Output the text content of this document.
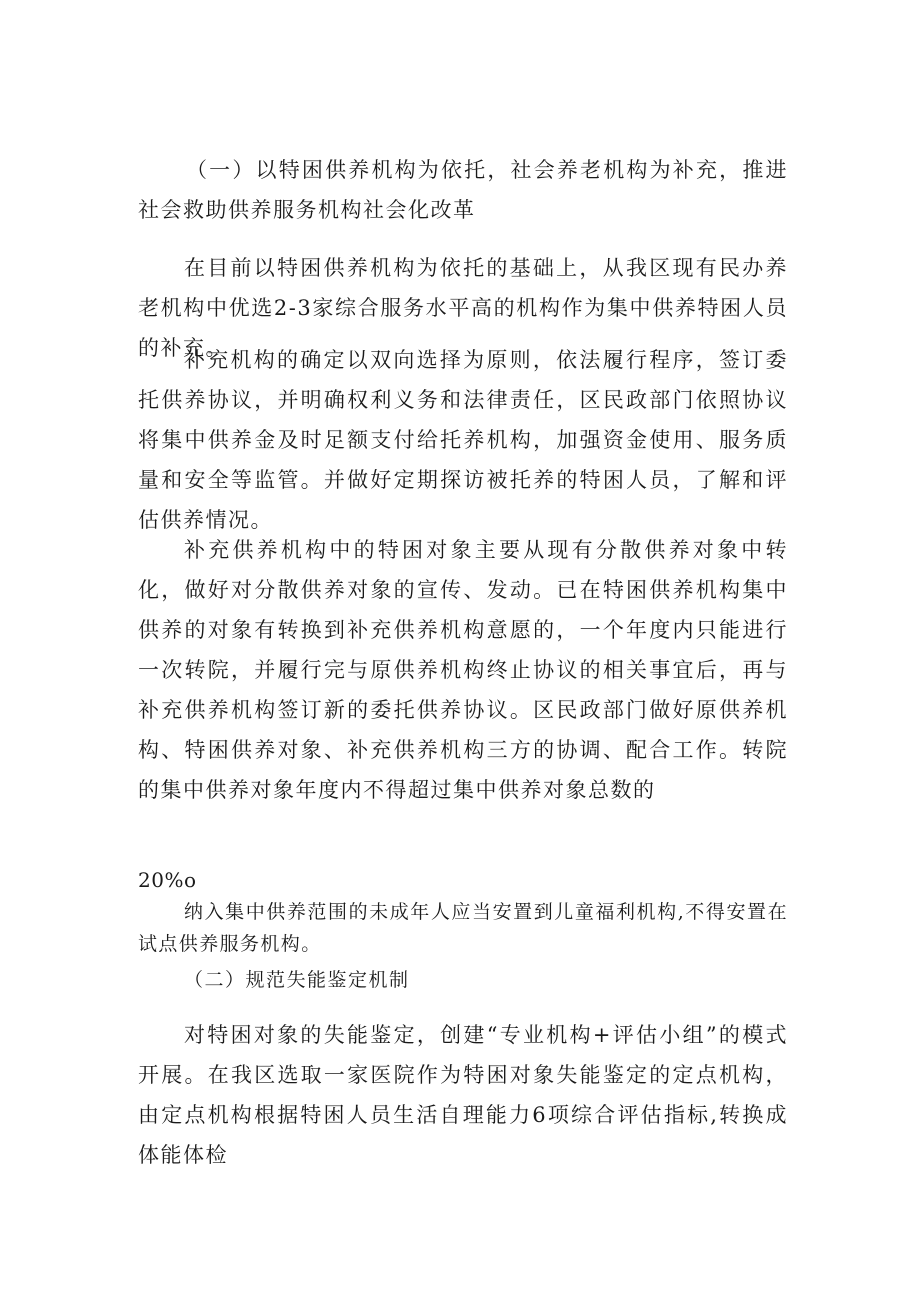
（一）以特困供养机构为依托，社会养老机构为补充，推进社会救助供养服务机构社会化改革

在目前以特困供养机构为依托的基础上，从我区现有民办养老机构中优选2-3家综合服务水平高的机构作为集中供养特困人员的补充。

补充机构的确定以双向选择为原则，依法履行程序，签订委托供养协议，并明确权利义务和法律责任，区民政部门依照协议将集中供养金及时足额支付给托养机构，加强资金使用、服务质量和安全等监管。并做好定期探访被托养的特困人员，了解和评估供养情况。

补充供养机构中的特困对象主要从现有分散供养对象中转化，做好对分散供养对象的宣传、发动。已在特困供养机构集中供养的对象有转换到补充供养机构意愿的，一个年度内只能进行一次转院，并履行完与原供养机构终止协议的相关事宜后，再与补充供养机构签订新的委托供养协议。区民政部门做好原供养机构、特困供养对象、补充供养机构三方的协调、配合工作。转院的集中供养对象年度内不得超过集中供养对象总数的

20%o

纳入集中供养范围的未成年人应当安置到儿童福利机构,不得安置在试点供养服务机构。

（二）规范失能鉴定机制

对特困对象的失能鉴定，创建“专业机构+评估小组”的模式开展。在我区选取一家医院作为特困对象失能鉴定的定点机构，由定点机构根据特困人员生活自理能力6项综合评估指标,转换成体能体检
